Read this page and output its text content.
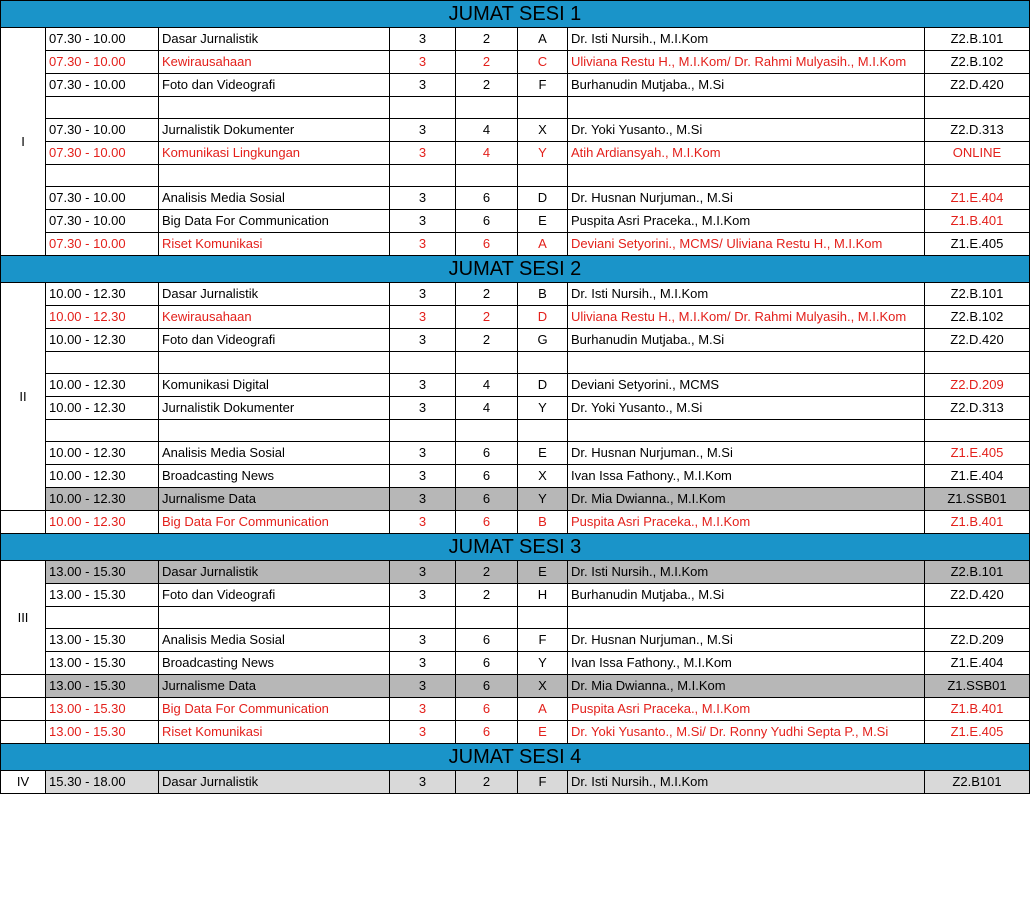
JUMAT SESI 1							
I	07.30 - 10.00	Dasar Jurnalistik	3	2	A	Dr. Isti Nursih., M.I.Kom	Z2.B.101
	07.30 - 10.00	Kewirausahaan	3	2	C	Uliviana Restu H., M.I.Kom/ Dr. Rahmi Mulyasih., M.I.Kom	Z2.B.102
	07.30 - 10.00	Foto dan Videografi	3	2	F	Burhanudin Mutjaba., M.Si	Z2.D.420

	07.30 - 10.00	Jurnalistik Dokumenter	3	4	X	Dr. Yoki Yusanto., M.Si	Z2.D.313
	07.30 - 10.00	Komunikasi Lingkungan	3	4	Y	Atih Ardiansyah., M.I.Kom	ONLINE

	07.30 - 10.00	Analisis Media Sosial	3	6	D	Dr. Husnan Nurjuman., M.Si	Z1.E.404
	07.30 - 10.00	Big Data For Communication	3	6	E	Puspita Asri Praceka., M.I.Kom	Z1.B.401
	07.30 - 10.00	Riset Komunikasi	3	6	A	Deviani Setyorini., MCMS/ Uliviana Restu H., M.I.Kom	Z1.E.405
JUMAT SESI 2							
II	10.00 - 12.30	Dasar Jurnalistik	3	2	B	Dr. Isti Nursih., M.I.Kom	Z2.B.101
	10.00 - 12.30	Kewirausahaan	3	2	D	Uliviana Restu H., M.I.Kom/ Dr. Rahmi Mulyasih., M.I.Kom	Z2.B.102
	10.00 - 12.30	Foto dan Videografi	3	2	G	Burhanudin Mutjaba., M.Si	Z2.D.420

	10.00 - 12.30	Komunikasi Digital	3	4	D	Deviani Setyorini., MCMS	Z2.D.209
	10.00 - 12.30	Jurnalistik Dokumenter	3	4	Y	Dr. Yoki Yusanto., M.Si	Z2.D.313

	10.00 - 12.30	Analisis Media Sosial	3	6	E	Dr. Husnan Nurjuman., M.Si	Z1.E.405
	10.00 - 12.30	Broadcasting News	3	6	X	Ivan Issa Fathony., M.I.Kom	Z1.E.404
	10.00 - 12.30	Jurnalisme Data	3	6	Y	Dr. Mia Dwianna., M.I.Kom	Z1.SSB01
	10.00 - 12.30	Big Data For Communication	3	6	B	Puspita Asri Praceka., M.I.Kom	Z1.B.401
JUMAT SESI 3							
III	13.00 - 15.30	Dasar Jurnalistik	3	2	E	Dr. Isti Nursih., M.I.Kom	Z2.B.101
	13.00 - 15.30	Foto dan Videografi	3	2	H	Burhanudin Mutjaba., M.Si	Z2.D.420

	13.00 - 15.30	Analisis Media Sosial	3	6	F	Dr. Husnan Nurjuman., M.Si	Z2.D.209
	13.00 - 15.30	Broadcasting News	3	6	Y	Ivan Issa Fathony., M.I.Kom	Z1.E.404
	13.00 - 15.30	Jurnalisme Data	3	6	X	Dr. Mia Dwianna., M.I.Kom	Z1.SSB01
	13.00 - 15.30	Big Data For Communication	3	6	A	Puspita Asri Praceka., M.I.Kom	Z1.B.401
	13.00 - 15.30	Riset Komunikasi	3	6	E	Dr. Yoki Yusanto., M.Si/ Dr. Ronny Yudhi Septa P., M.Si	Z1.E.405
JUMAT SESI 4							
IV	15.30 - 18.00	Dasar Jurnalistik	3	2	F	Dr. Isti Nursih., M.I.Kom	Z2.B101
